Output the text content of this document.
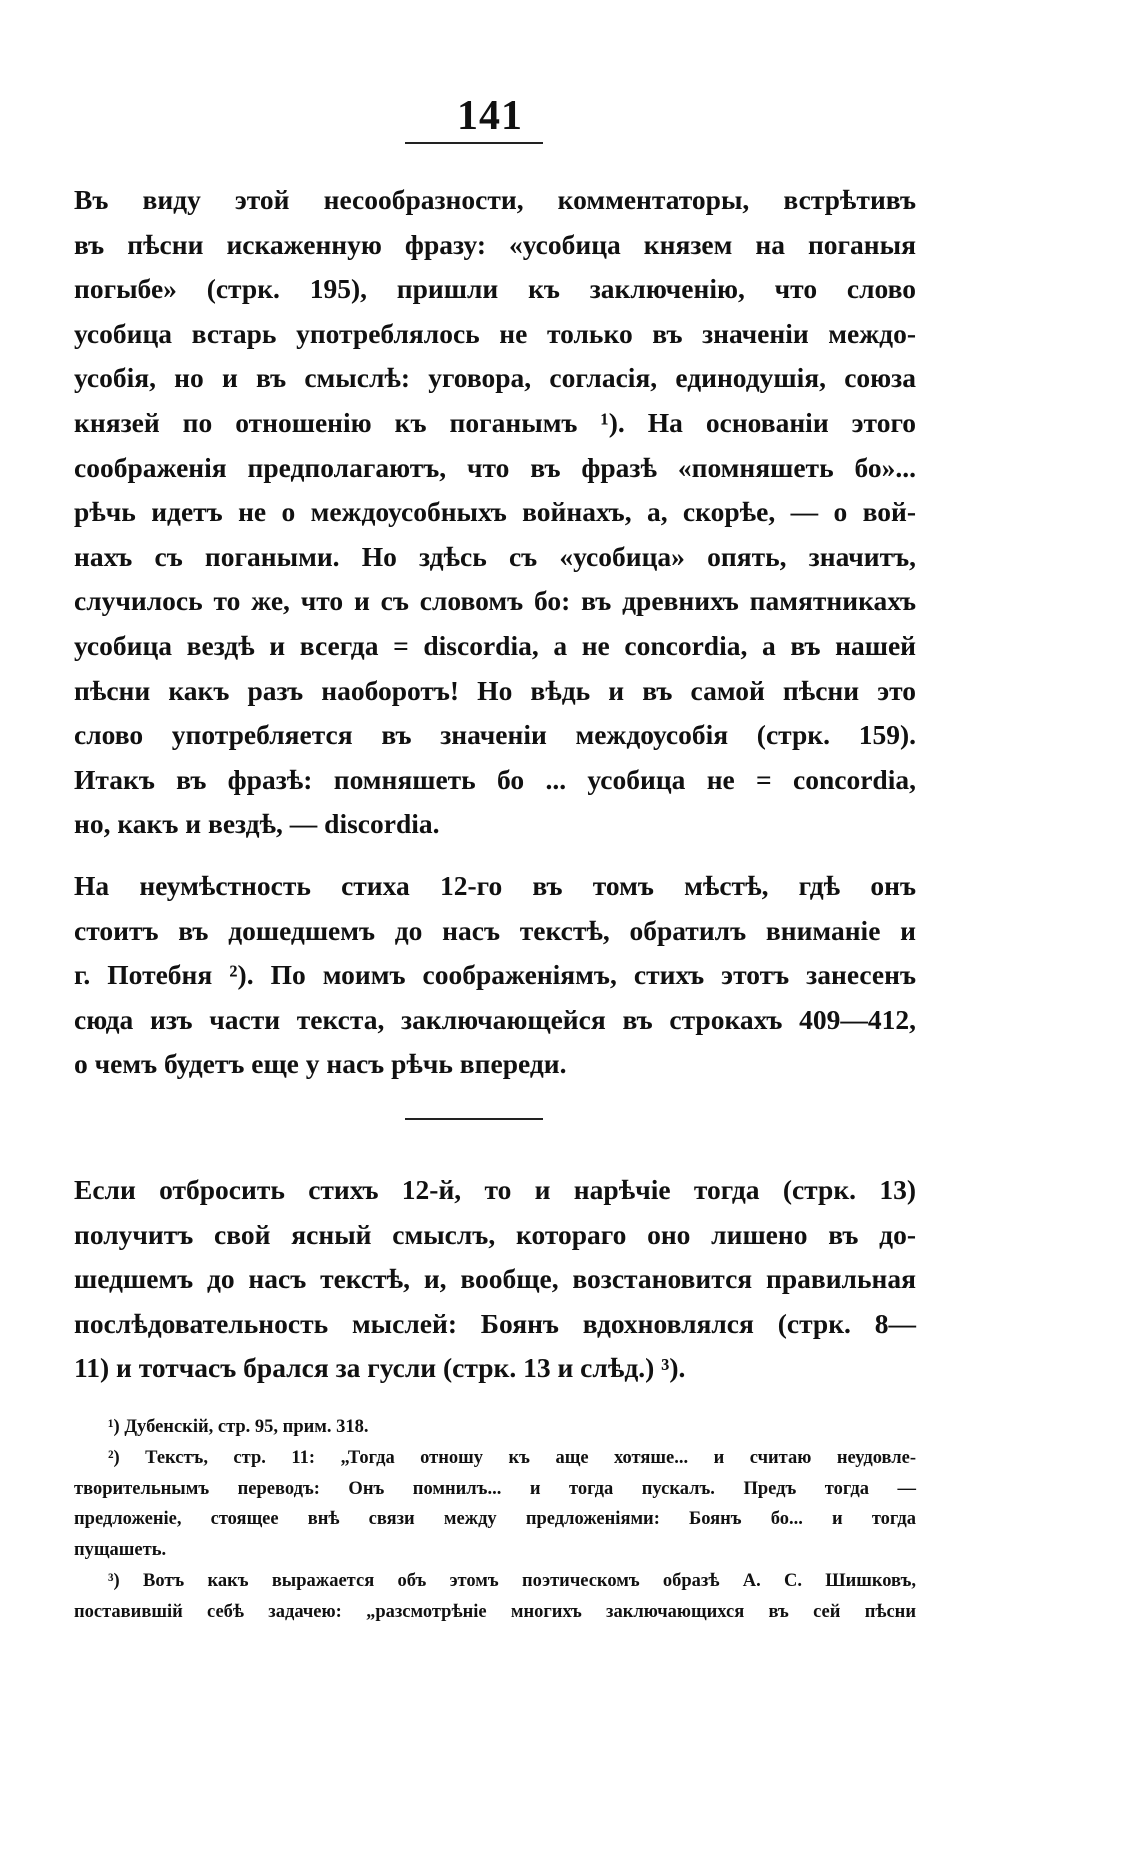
141
Въ виду этой несообразности, комментаторы, встрѣтивъ
въ пѣсни искаженную фразу: «усобица князем на поганыя
погыбе» (стрк. 195), пришли къ заключенію, что слово
усобица встарь употреблялось не только въ значеніи междо-
усобія, но и въ смыслѣ: уговора, согласія, единодушія, союза
князей по отношенію къ поганымъ ¹). На основаніи этого
соображенія предполагаютъ, что въ фразѣ «помняшеть бо»...
рѣчь идетъ не о междоусобныхъ войнахъ, а, скорѣе, — о вой-
нахъ съ погаными. Но здѣсь съ «усобица» опять, значитъ,
случилось то же, что и съ словомъ бо: въ древнихъ памятникахъ
усобица вездѣ и всегда = discordia, а не concordia, а въ нашей
пѣсни какъ разъ наоборотъ! Но вѣдь и въ самой пѣсни это
слово употребляется въ значеніи междоусобія (стрк. 159).
Итакъ въ фразѣ: помняшеть бо ... усобица не = concordia,
но, какъ и вездѣ, — discordia.
На неумѣстность стиха 12-го въ томъ мѣстѣ, гдѣ онъ
стоитъ въ дошедшемъ до насъ текстѣ, обратилъ вниманіе и
г. Потебня ²). По моимъ соображеніямъ, стихъ этотъ занесенъ
сюда изъ части текста, заключающейся въ строкахъ 409—412,
о чемъ будетъ еще у насъ рѣчь впереди.
Если отбросить стихъ 12-й, то и нарѣчіе тогда (стрк. 13)
получитъ свой ясный смыслъ, котораго оно лишено въ до-
шедшемъ до насъ текстѣ, и, вообще, возстановится правильная
послѣдовательность мыслей: Боянъ вдохновлялся (стрк. 8—
11) и тотчасъ брался за гусли (стрк. 13 и слѣд.) ³).
¹) Дубенскій, стр. 95, прим. 318.
²) Текстъ, стр. 11: „Тогда отношу къ аще хотяше... и считаю неудовле-
творительнымъ переводъ: Онъ помнилъ... и тогда пускалъ. Предъ тогда —
предложеніе, стоящее внѣ связи между предложеніями: Боянъ бо... и тогда
пущашеть.
³) Вотъ какъ выражается объ этомъ поэтическомъ образѣ А. С. Шишковъ,
поставившій себѣ задачею: „разсмотрѣніе многихъ заключающихся въ сей пѣсни
